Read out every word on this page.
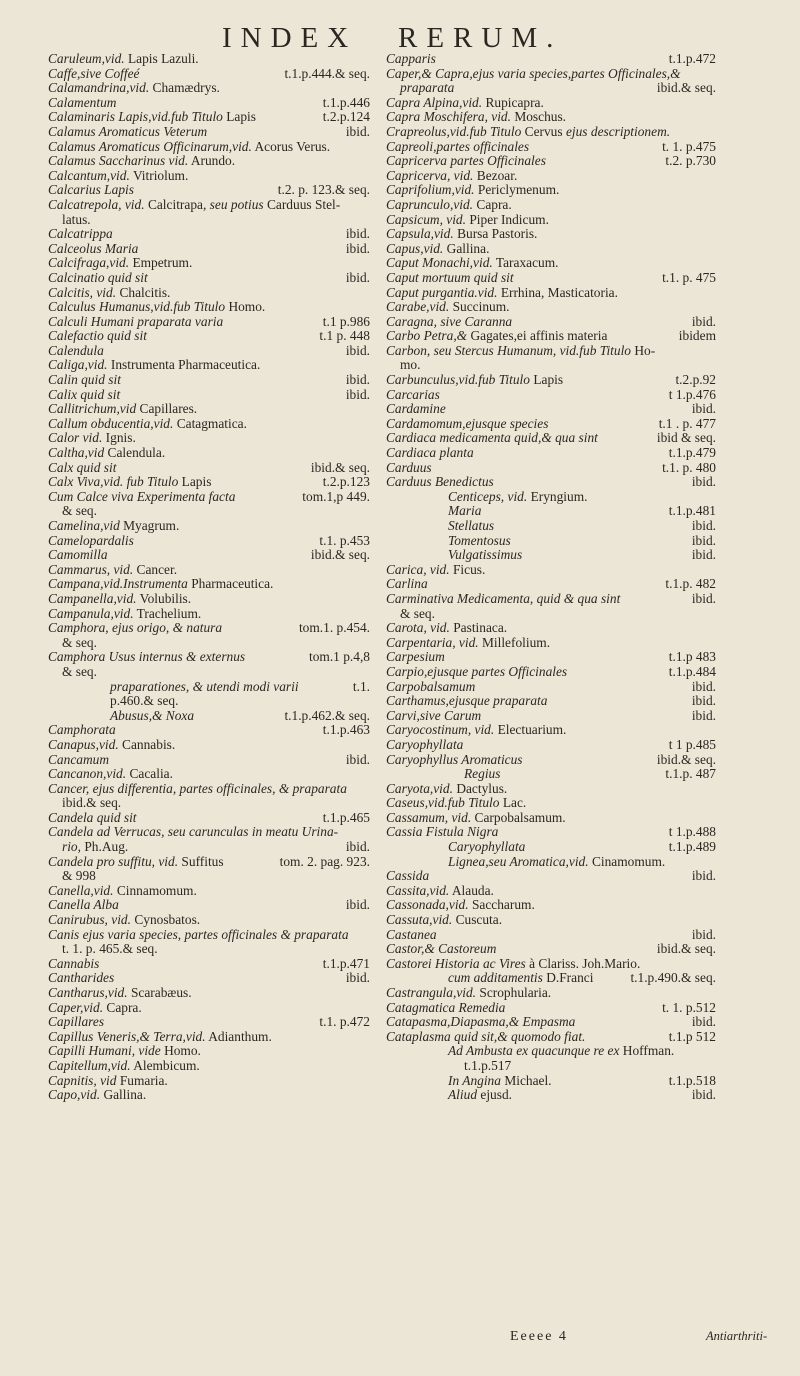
INDEX RERUM.
Caruleum,vid. Lapis Lazuli.
Caffe,sive Coffeé	t.1.p.444.& seq.
Calamandrina,vid. Chamædrys.
Calamentum	t.1.p.446
Calaminaris Lapis,vid.fub Titulo Lapis	t.2.p.124
Calamus Aromaticus Veterum	ibid.
Calamus Aromaticus Officinarum,vid. Acorus Verus.
Calamus Saccharinus vid. Arundo.
Calcantum,vid. Vitriolum.
Calcarius Lapis	t.2. p. 123.& seq.
Calcatrepola, vid. Calcitrapa, seu potius Carduus Stel-
latus.
Calcatrippa	ibid.
Calceolus Maria	ibid.
Calcifraga,vid. Empetrum.
Calcinatio quid sit	ibid.
Calcitis, vid. Chalcitis.
Calculus Humanus,vid.fub Titulo Homo.
Calculi Humani praparata varia	t.1 p.986
Calefactio quid sit	t.1 p. 448
Calendula	ibid.
Caliga,vid. Instrumenta Pharmaceutica.
Calin quid sit	ibid.
Calix quid sit	ibid.
Callitrichum,vid Capillares.
Callum obducentia,vid. Catagmatica.
Calor vid. Ignis.
Caltha,vid Calendula.
Calx quid sit	ibid.& seq.
Calx Viva,vid. fub Titulo Lapis	t.2.p.123
Cum Calce viva Experimenta facta	tom.1,p 449.
& seq.
Camelina,vid Myagrum.
Camelopardalis	t.1. p.453
Camomilla	ibid.& seq.
Cammarus, vid. Cancer.
Campana,vid.Instrumenta Pharmaceutica.
Campanella,vid. Volubilis.
Campanula,vid. Trachelium.
Camphora, ejus origo, & natura	tom.1. p.454.
& seq.
Camphora Usus internus & externus	tom.1 p.4,8
& seq.
praparationes, & utendi modi varii	t.1.
p.460.& seq.
Abusus,& Noxa	t.1.p.462.& seq.
Camphorata	t.1.p.463
Canapus,vid. Cannabis.
Cancamum	ibid.
Cancanon,vid. Cacalia.
Cancer, ejus differentia, partes officinales, & praparata
ibid.& seq.
Candela quid sit	t.1.p.465
Candela ad Verrucas, seu carunculas in meatu Urina-
rio, Ph.Aug.	ibid.
Candela pro suffitu, vid. Suffitus	tom. 2. pag. 923.
& 998
Canella,vid. Cinnamomum.
Canella Alba	ibid.
Canirubus, vid. Cynosbatos.
Canis ejus varia species, partes officinales & praparata
t. 1. p. 465.& seq.
Cannabis	t.1.p.471
Cantharides	ibid.
Cantharus,vid. Scarabæus.
Caper,vid. Capra.
Capillares	t.1. p.472
Capillus Veneris,& Terra,vid. Adianthum.
Capilli Humani, vide Homo.
Capitellum,vid. Alembicum.
Capnitis, vid Fumaria.
Capo,vid. Gallina.
Capparis	t.1.p.472
Caper,& Capra,ejus varia species,partes Officinales,&
praparata	ibid.& seq.
Capra Alpina,vid. Rupicapra.
Capra Moschifera, vid. Moschus.
Crapreolus,vid.fub Titulo Cervus ejus descriptionem.
Capreoli,partes officinales	t. 1. p.475
Capricerva partes Officinales	t.2. p.730
Capricerva, vid. Bezoar.
Caprifolium,vid. Periclymenum.
Caprunculo,vid. Capra.
Capsicum, vid. Piper Indicum.
Capsula,vid. Bursa Pastoris.
Capus,vid. Gallina.
Caput Monachi,vid. Taraxacum.
Caput mortuum quid sit	t.1. p. 475
Caput purgantia.vid. Errhina, Masticatoria.
Carabe,vid. Succinum.
Caragna, sive Caranna	ibid.
Carbo Petra,& Gagates,ei affinis materia	ibidem
Carbon, seu Stercus Humanum, vid.fub Titulo Ho-
mo.
Carbunculus,vid.fub Titulo Lapis	t.2.p.92
Carcarias	t 1.p.476
Cardamine	ibid.
Cardamomum,ejusque species	t.1 . p. 477
Cardiaca medicamenta quid,& qua sint	ibid & seq.
Cardiaca planta	t.1.p.479
Carduus	t.1. p. 480
Carduus Benedictus	ibid.
Centiceps, vid. Eryngium.
Maria	t.1.p.481
Stellatus	ibid.
Tomentosus	ibid.
Vulgatissimus	ibid.
Carica, vid. Ficus.
Carlina	t.1.p. 482
Carminativa Medicamenta, quid & qua sint	ibid.
& seq.
Carota, vid. Pastinaca.
Carpentaria, vid. Millefolium.
Carpesium	t.1.p 483
Carpio,ejusque partes Officinales	t.1.p.484
Carpobalsamum	ibid.
Carthamus,ejusque praparata	ibid.
Carvi,sive Carum	ibid.
Caryocostinum, vid. Electuarium.
Caryophyllata	t 1 p.485
Caryophyllus Aromaticus	ibid.& seq.
Regius	t.1.p. 487
Caryota,vid. Dactylus.
Caseus,vid.fub Titulo Lac.
Cassamum, vid. Carpobalsamum.
Cassia Fistula Nigra	t 1.p.488
Caryophyllata	t.1.p.489
Lignea,seu Aromatica,vid. Cinamomum.
Cassida	ibid.
Cassita,vid. Alauda.
Cassonada,vid. Saccharum.
Cassuta,vid. Cuscuta.
Castanea	ibid.
Castor,& Castoreum	ibid.& seq.
Castorei Historia ac Vires à Clariss. Joh.Mario.
cum additamentis D.Franci	t.1.p.490.& seq.
Castrangula,vid. Scrophularia.
Catagmatica Remedia	t. 1. p.512
Catapasma,Diapasma,& Empasma	ibid.
Cataplasma quid sit,& quomodo fiat.	t.1.p 512
Ad Ambusta ex quacunque re ex Hoffman.
t.1.p.517
In Angina Michael.	t.1.p.518
Aliud ejusd.	ibid.
Eeeee 4	Antiarthriti-
